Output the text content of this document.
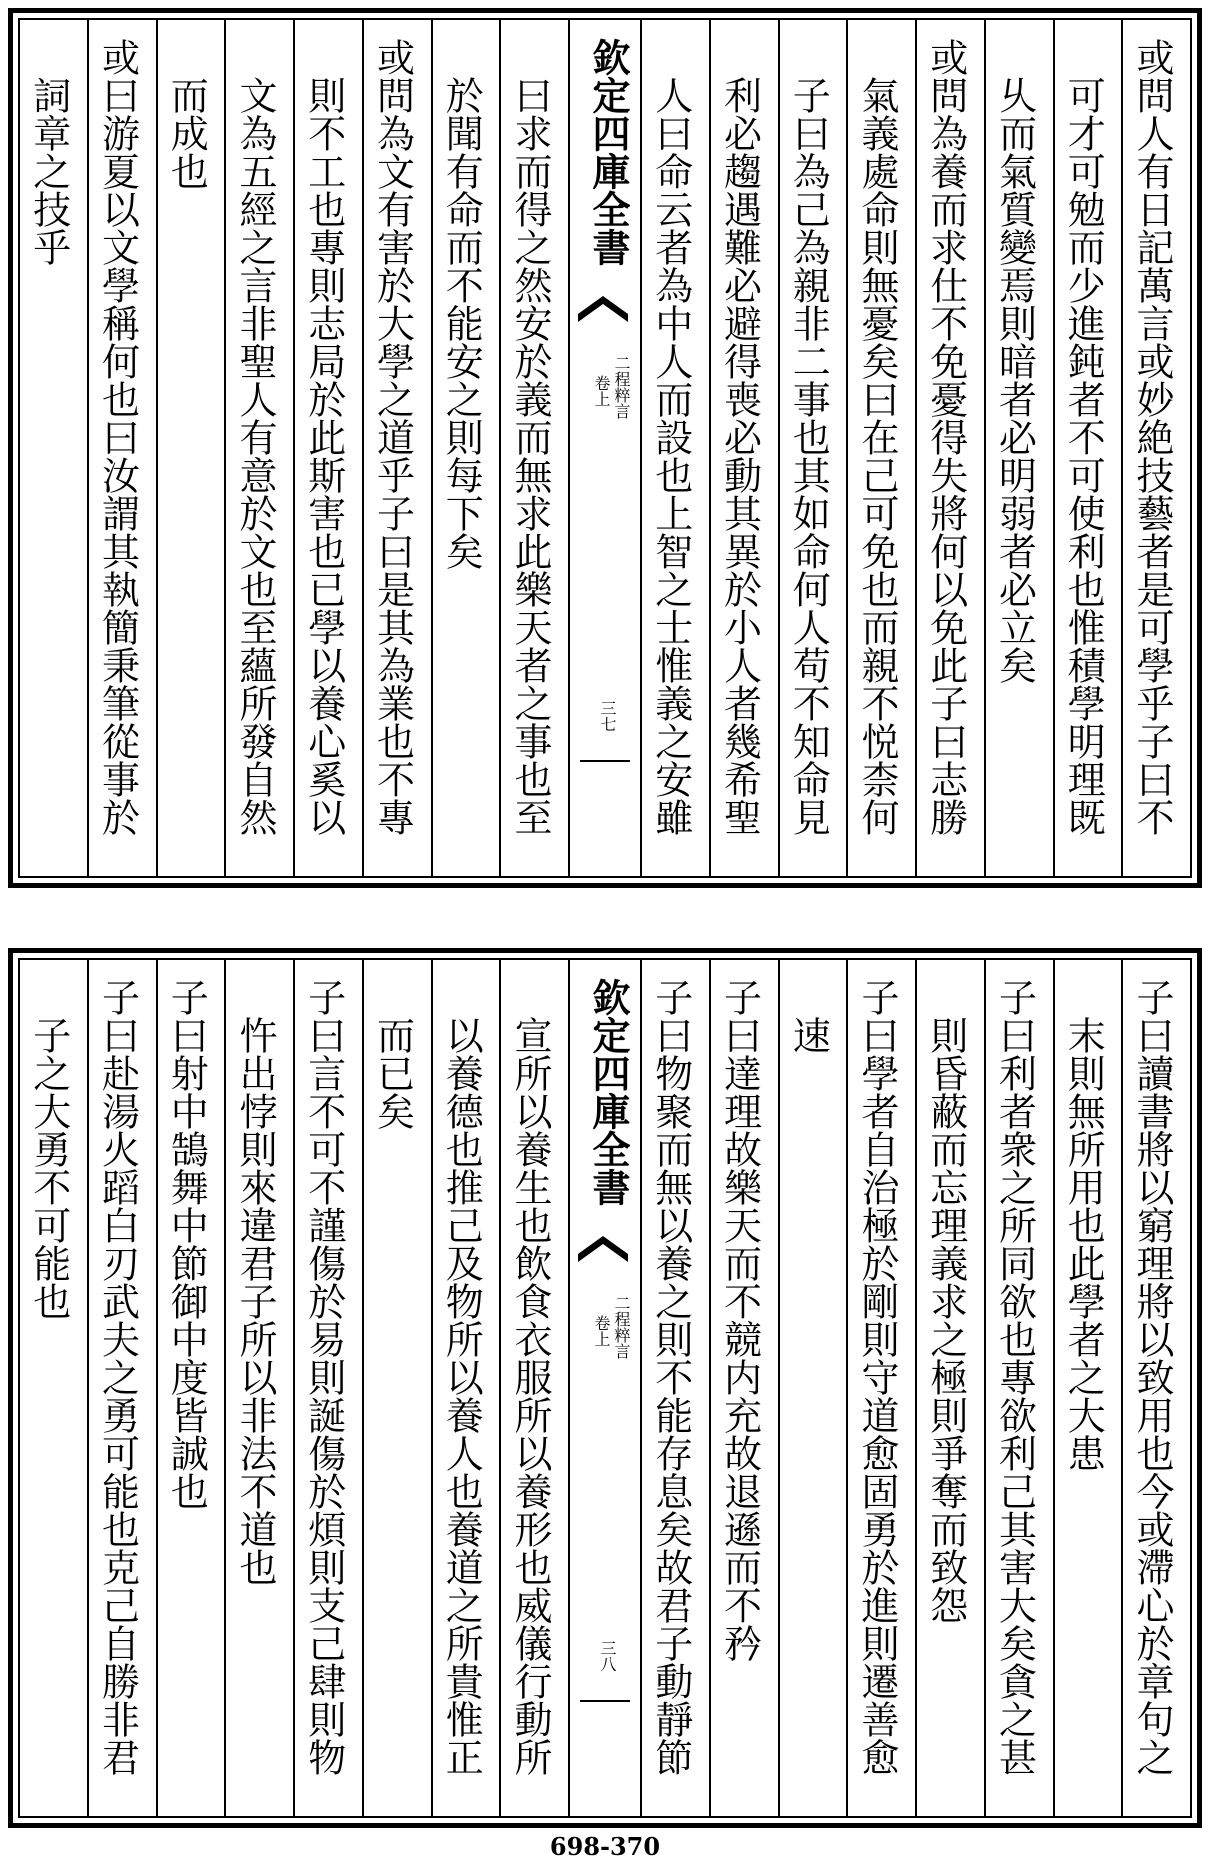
或問人有日記萬言或妙絶技藝者是可學乎子曰不
可才可勉而少進鈍者不可使利也惟積學明理既
乆而氣質變焉則暗者必明弱者必立矣
或問為養而求仕不免憂得失將何以免此子曰志勝
氣義處命則無憂矣曰在己可免也而親不悦柰何
子曰為己為親非二事也其如命何人苟不知命見
利必趨遇難必避得喪必動其異於小人者幾希聖
人曰命云者為中人而設也上智之士惟義之安雖
欽定四庫全書
二程粹言
卷上
三七
曰求而得之然安於義而無求此樂天者之事也至
於聞有命而不能安之則每下矣
或問為文有害於大學之道乎子曰是其為業也不專
則不工也專則志局於此斯害也已學以養心奚以
文為五經之言非聖人有意於文也至蘊所發自然
而成也
或曰游夏以文學稱何也曰汝謂其執簡秉筆從事於
詞章之技乎
子曰讀書將以窮理將以致用也今或滯心於章句之
末則無所用也此學者之大患
子曰利者衆之所同欲也專欲利己其害大矣貪之甚
則昏蔽而忘理義求之極則爭奪而致怨
子曰學者自治極於剛則守道愈固勇於進則遷善愈
速
子曰達理故樂天而不競内充故退遜而不矜
子曰物聚而無以養之則不能存息矣故君子動靜節
欽定四庫全書
二程粹言
卷上
三八
宣所以養生也飲食衣服所以養形也威儀行動所
以養德也推己及物所以養人也養道之所貴惟正
而已矣
子曰言不可不謹傷於易則誕傷於煩則支己肆則物
忤出悖則來違君子所以非法不道也
子曰射中鵠舞中節御中度皆誠也
子曰赴湯火蹈白刃武夫之勇可能也克己自勝非君
子之大勇不可能也
698-370
